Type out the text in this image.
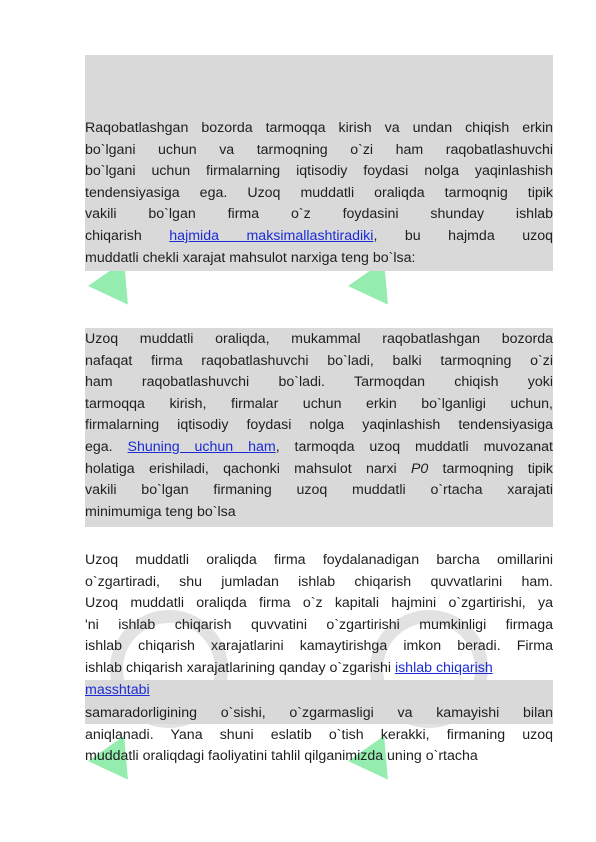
Raqobatlashgan bozorda tarmoqqa kirish va undan chiqish erkin
bo`lgani uchun va tarmoqning o`zi ham raqobatlashuvchi
bo`lgani uchun firmalarning iqtisodiy foydasi nolga yaqinlashish
tendensiyasiga ega. Uzoq muddatli oraliqda tarmoqnig tipik
vakili bo`lgan firma o`z foydasini shunday ishlab
chiqarish hajmida maksimallashtiradiki, bu hajmda uzoq
muddatli chekli xarajat mahsulot narxiga teng bo`lsa:
Uzoq muddatli oraliqda, mukammal raqobatlashgan bozorda
nafaqat firma raqobatlashuvchi bo`ladi, balki tarmoqning o`zi
ham raqobatlashuvchi bo`ladi. Tarmoqdan chiqish yoki
tarmoqqa kirish, firmalar uchun erkin bo`lganligi uchun,
firmalarning iqtisodiy foydasi nolga yaqinlashish tendensiyasiga
ega. Shuning uchun ham, tarmoqda uzoq muddatli muvozanat
holatiga erishiladi, qachonki mahsulot narxi P0 tarmoqning tipik
vakili bo`lgan firmaning uzoq muddatli o`rtacha xarajati
minimumiga teng bo`lsa
Uzoq muddatli oraliqda firma foydalanadigan barcha omillarini
o`zgartiradi, shu jumladan ishlab chiqarish quvvatlarini ham.
Uzoq muddatli oraliqda firma o`z kapitali hajmini o`zgartirishi, ya
'ni ishlab chiqarish quvvatini o`zgartirishi mumkinligi firmaga
ishlab chiqarish xarajatlarini kamaytirishga imkon beradi. Firma
ishlab chiqarish xarajatlarining qanday o`zgarishi ishlab chiqarish
masshtabi
samaradorligining o`sishi, o`zgarmasligi va kamayishi bilan
aniqlanadi. Yana shuni eslatib o`tish kerakki, firmaning uzoq
muddatli oraliqdagi faoliyatini tahlil qilganimizda uning o`rtacha
